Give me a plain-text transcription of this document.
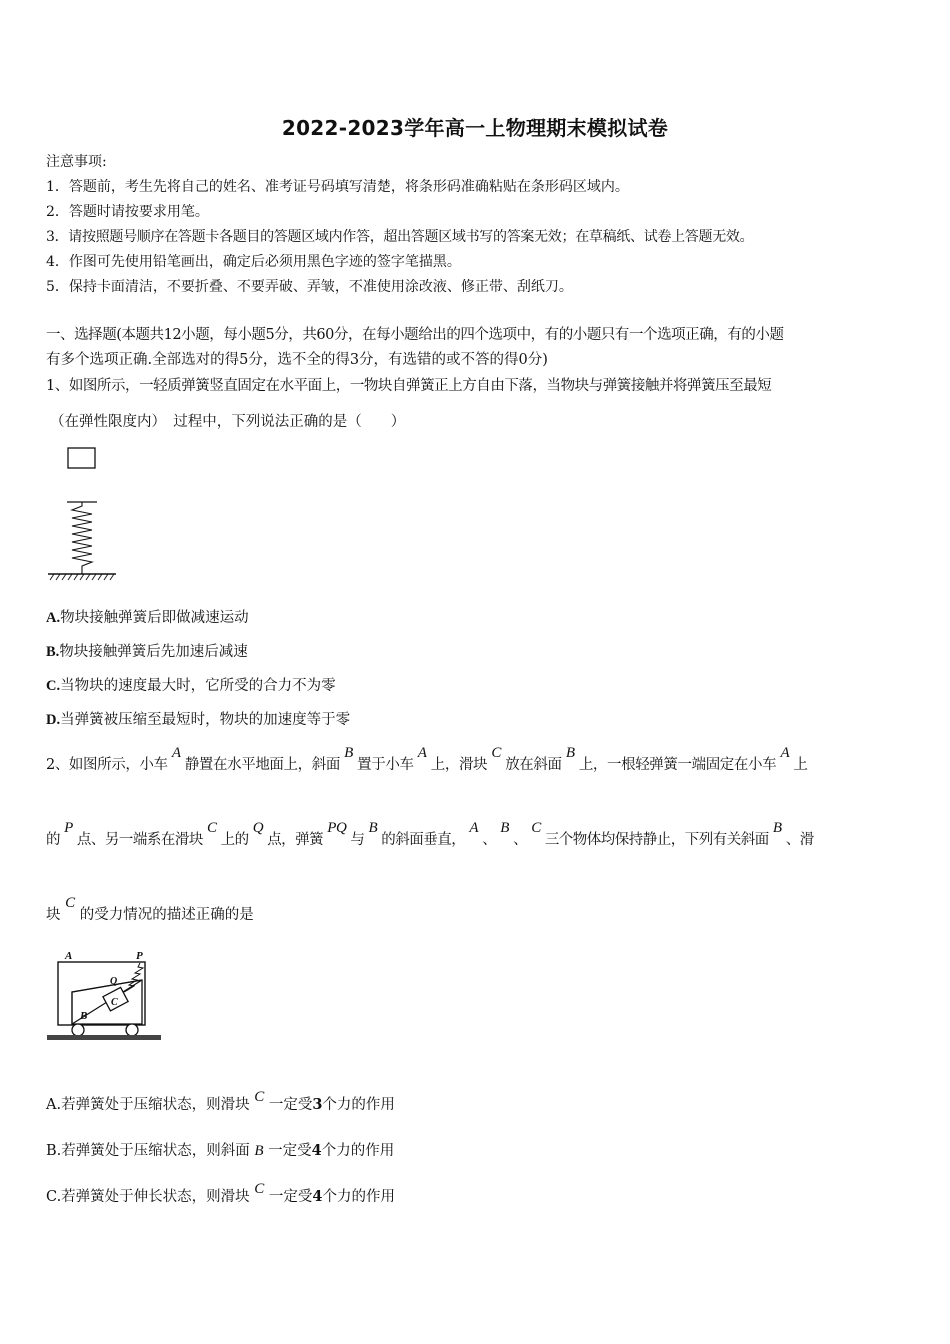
2022-2023学年高一上物理期末模拟试卷
注意事项:
1．答题前，考生先将自己的姓名、准考证号码填写清楚，将条形码准确粘贴在条形码区域内。
2．答题时请按要求用笔。
3．请按照题号顺序在答题卡各题目的答题区域内作答，超出答题区域书写的答案无效；在草稿纸、试卷上答题无效。
4．作图可先使用铅笔画出，确定后必须用黑色字迹的签字笔描黑。
5．保持卡面清洁，不要折叠、不要弄破、弄皱，不准使用涂改液、修正带、刮纸刀。
一、选择题(本题共12小题，每小题5分，共60分，在每小题给出的四个选项中，有的小题只有一个选项正确，有的小题
有多个选项正确.全部选对的得5分，选不全的得3分，有选错的或不答的得0分)
1、如图所示，一轻质弹簧竖直固定在水平面上，一物块自弹簧正上方自由下落，当物块与弹簧接触并将弹簧压至最短
（在弹性限度内）　过程中，下列说法正确的是（　　）
A.物块接触弹簧后即做减速运动
B.物块接触弹簧后先加速后减速
C.当物块的速度最大时，它所受的合力不为零
D.当弹簧被压缩至最短时，物块的加速度等于零
2、如图所示，小车 A 静置在水平地面上，斜面 B 置于小车 A 上，滑块 C 放在斜面 B 上，一根轻弹簧一端固定在小车 A 上
的 P 点、另一端系在滑块 C 上的 Q 点，弹簧 PQ 与 B 的斜面垂直， A 、 B 、 C 三个物体均保持静止，下列有关斜面 B 、滑
块 C 的受力情况的描述正确的是
A	P
B
C
Q
A.若弹簧处于压缩状态，则滑块 C 一定受3个力的作用
B.若弹簧处于压缩状态，则斜面 B 一定受4个力的作用
C.若弹簧处于伸长状态，则滑块 C 一定受4个力的作用
